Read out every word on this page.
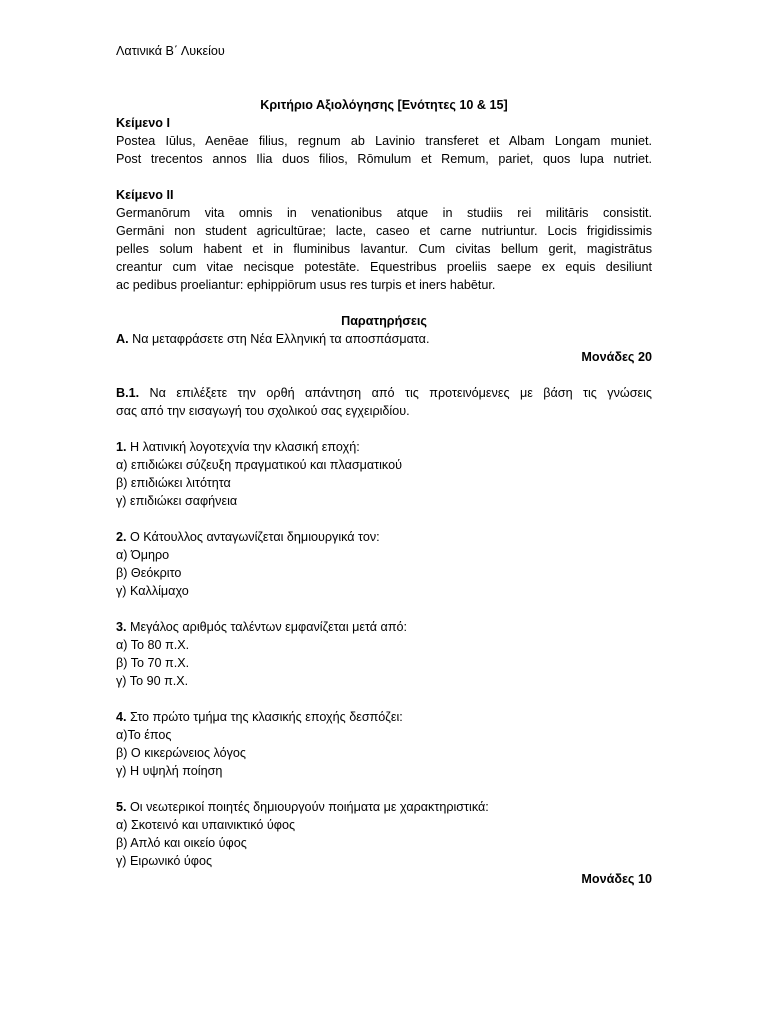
Λατινικά Β΄ Λυκείου
Κριτήριο Αξιολόγησης [Ενότητες 10 & 15]
Κείμενο Ι
Postea Iūlus, Aenēae filius, regnum ab Lavinio transferet et Albam Longam muniet.
Post trecentos annos Ilia duos filios, Rōmulum et Remum, pariet, quos lupa nutriet.
Κείμενο ΙΙ
Germanōrum vita omnis in venationibus atque in studiis rei militāris consistit.
Germāni non student agricultūrae; lacte, caseo et carne nutriuntur. Locis frigidissimis
pelles solum habent et in fluminibus lavantur. Cum civitas bellum gerit, magistrātus
creantur cum vitae necisque potestāte. Equestribus proeliis saepe ex equis desiliunt
ac pedibus proeliantur: ephippiōrum usus res turpis et iners habētur.
Παρατηρήσεις
Α. Να μεταφράσετε στη Νέα Ελληνική τα αποσπάσματα.
Μονάδες 20
Β.1. Να επιλέξετε την ορθή απάντηση από τις προτεινόμενες με βάση τις γνώσεις
σας από την εισαγωγή του σχολικού σας εγχειριδίου.
1. Η λατινική λογοτεχνία την κλασική εποχή:
α) επιδιώκει σύζευξη πραγματικού και πλασματικού
β) επιδιώκει λιτότητα
γ) επιδιώκει σαφήνεια
2. Ο Κάτουλλος ανταγωνίζεται δημιουργικά τον:
α) Όμηρο
β) Θεόκριτο
γ) Καλλίμαχο
3. Μεγάλος αριθμός ταλέντων εμφανίζεται μετά από:
α) Το 80 π.Χ.
β) Το 70 π.Χ.
γ) Το 90 π.Χ.
4. Στο πρώτο τμήμα της κλασικής εποχής δεσπόζει:
α)Το έπος
β) Ο κικερώνειος λόγος
γ) Η υψηλή ποίηση
5. Οι νεωτερικοί ποιητές δημιουργούν ποιήματα με χαρακτηριστικά:
α) Σκοτεινό και υπαινικτικό ύφος
β) Απλό και οικείο ύφος
γ) Ειρωνικό ύφος
Μονάδες 10
